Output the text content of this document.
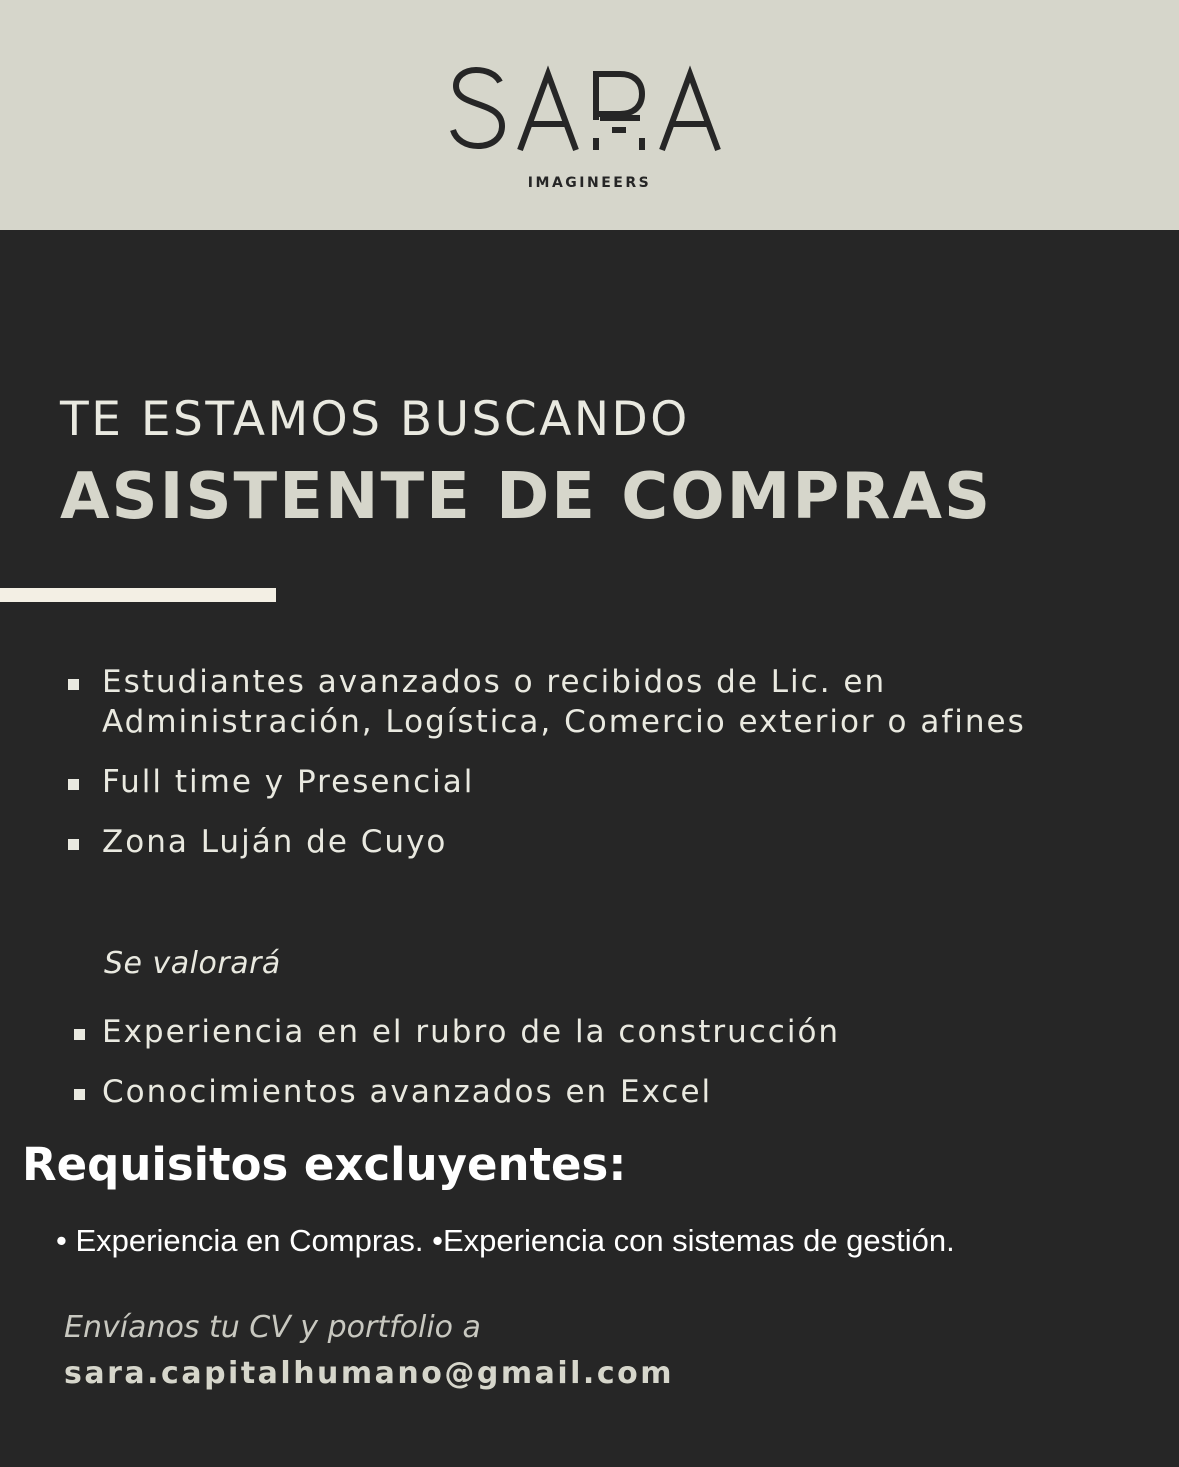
IMAGINEERS
TE ESTAMOS BUSCANDO
ASISTENTE DE COMPRAS
Estudiantes avanzados o recibidos de Lic. en Administración, Logística, Comercio exterior o afines
Full time y Presencial
Zona Luján de Cuyo
Se valorará
Experiencia en el rubro de la construcción
Conocimientos avanzados en Excel
Requisitos excluyentes:
• Experiencia en Compras. •Experiencia con sistemas de gestión.
Envíanos tu CV y portfolio a
sara.capitalhumano@gmail.com
